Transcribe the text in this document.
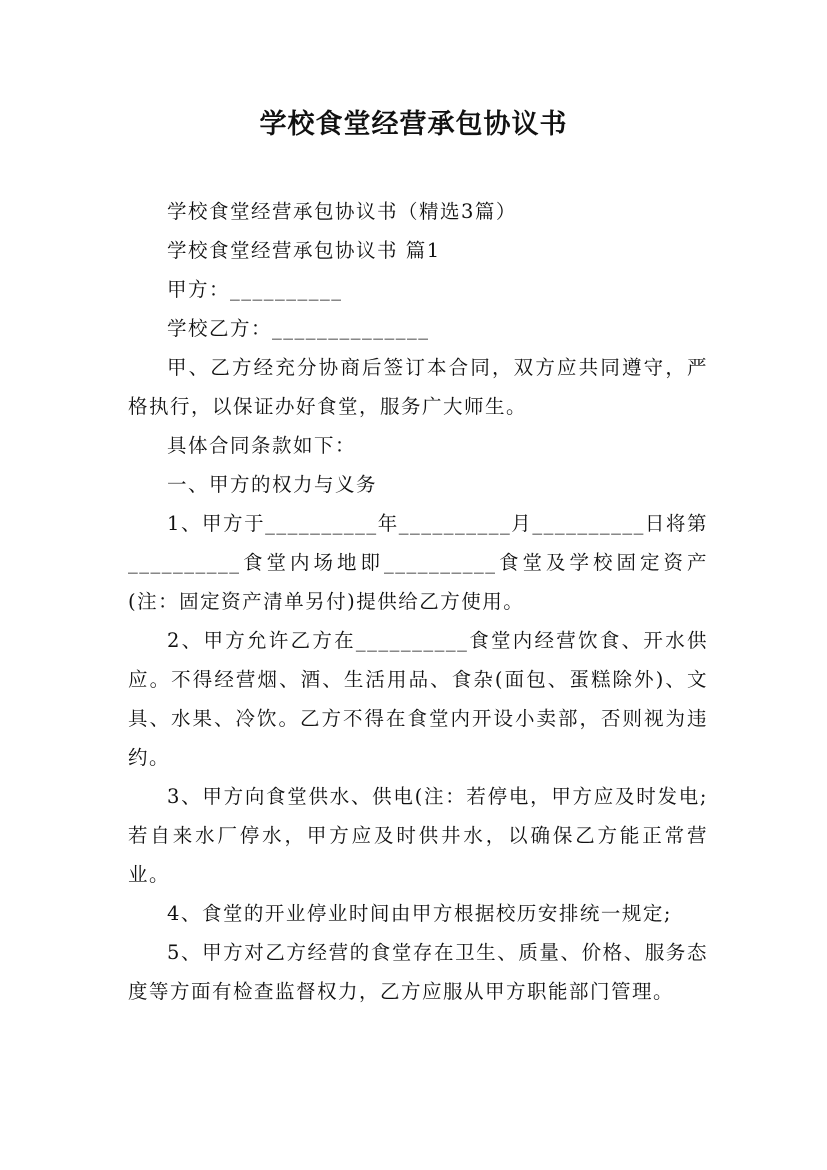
学校食堂经营承包协议书

学校食堂经营承包协议书（精选3篇）

学校食堂经营承包协议书 篇1

甲方：__________

学校乙方：______________

甲、乙方经充分协商后签订本合同，双方应共同遵守，严格执行，以保证办好食堂，服务广大师生。

具体合同条款如下：

一、甲方的权力与义务

1、甲方于__________年__________月__________日将第__________食堂内场地即__________食堂及学校固定资产(注：固定资产清单另付)提供给乙方使用。

2、甲方允许乙方在__________食堂内经营饮食、开水供应。不得经营烟、酒、生活用品、食杂(面包、蛋糕除外)、文具、水果、冷饮。乙方不得在食堂内开设小卖部，否则视为违约。

3、甲方向食堂供水、供电(注：若停电，甲方应及时发电;若自来水厂停水，甲方应及时供井水，以确保乙方能正常营业。

4、食堂的开业停业时间由甲方根据校历安排统一规定;

5、甲方对乙方经营的食堂存在卫生、质量、价格、服务态度等方面有检查监督权力，乙方应服从甲方职能部门管理。
